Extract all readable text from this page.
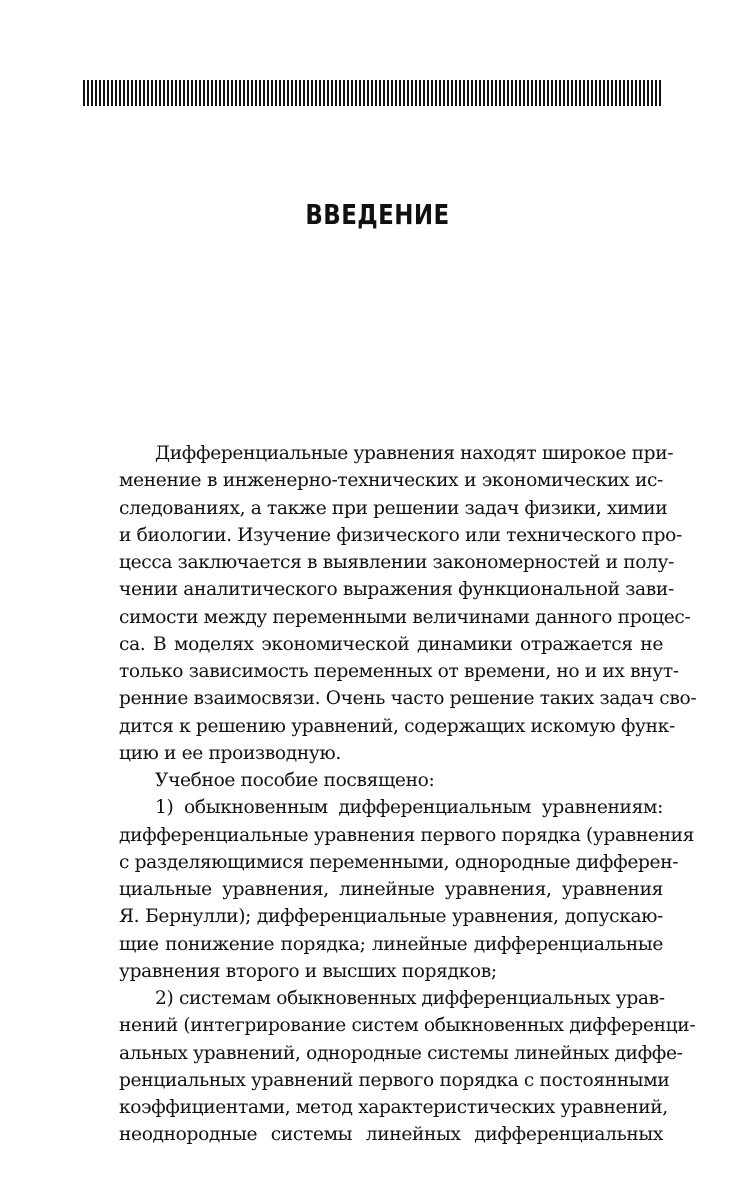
ВВЕДЕНИЕ
Дифференциальные уравнения находят широкое при-
менение в инженерно-технических и экономических ис-
следованиях, а также при решении задач физики, химии
и биологии. Изучение физического или технического про-
цесса заключается в выявлении закономерностей и полу-
чении аналитического выражения функциональной зави-
симости между переменными величинами данного процес-
са. В моделях экономической динамики отражается не
только зависимость переменных от времени, но и их внут-
ренние взаимосвязи. Очень часто решение таких задач сво-
дится к решению уравнений, содержащих искомую функ-
цию и ее производную.
Учебное пособие посвящено:
1) обыкновенным дифференциальным уравнениям:
дифференциальные уравнения первого порядка (уравнения
с разделяющимися переменными, однородные дифферен-
циальные уравнения, линейные уравнения, уравнения
Я. Бернулли); дифференциальные уравнения, допускаю-
щие понижение порядка; линейные дифференциальные
уравнения второго и высших порядков;
2) системам обыкновенных дифференциальных урав-
нений (интегрирование систем обыкновенных дифференци-
альных уравнений, однородные системы линейных диффе-
ренциальных уравнений первого порядка с постоянными
коэффициентами, метод характеристических уравнений,
неоднородные системы линейных дифференциальных
